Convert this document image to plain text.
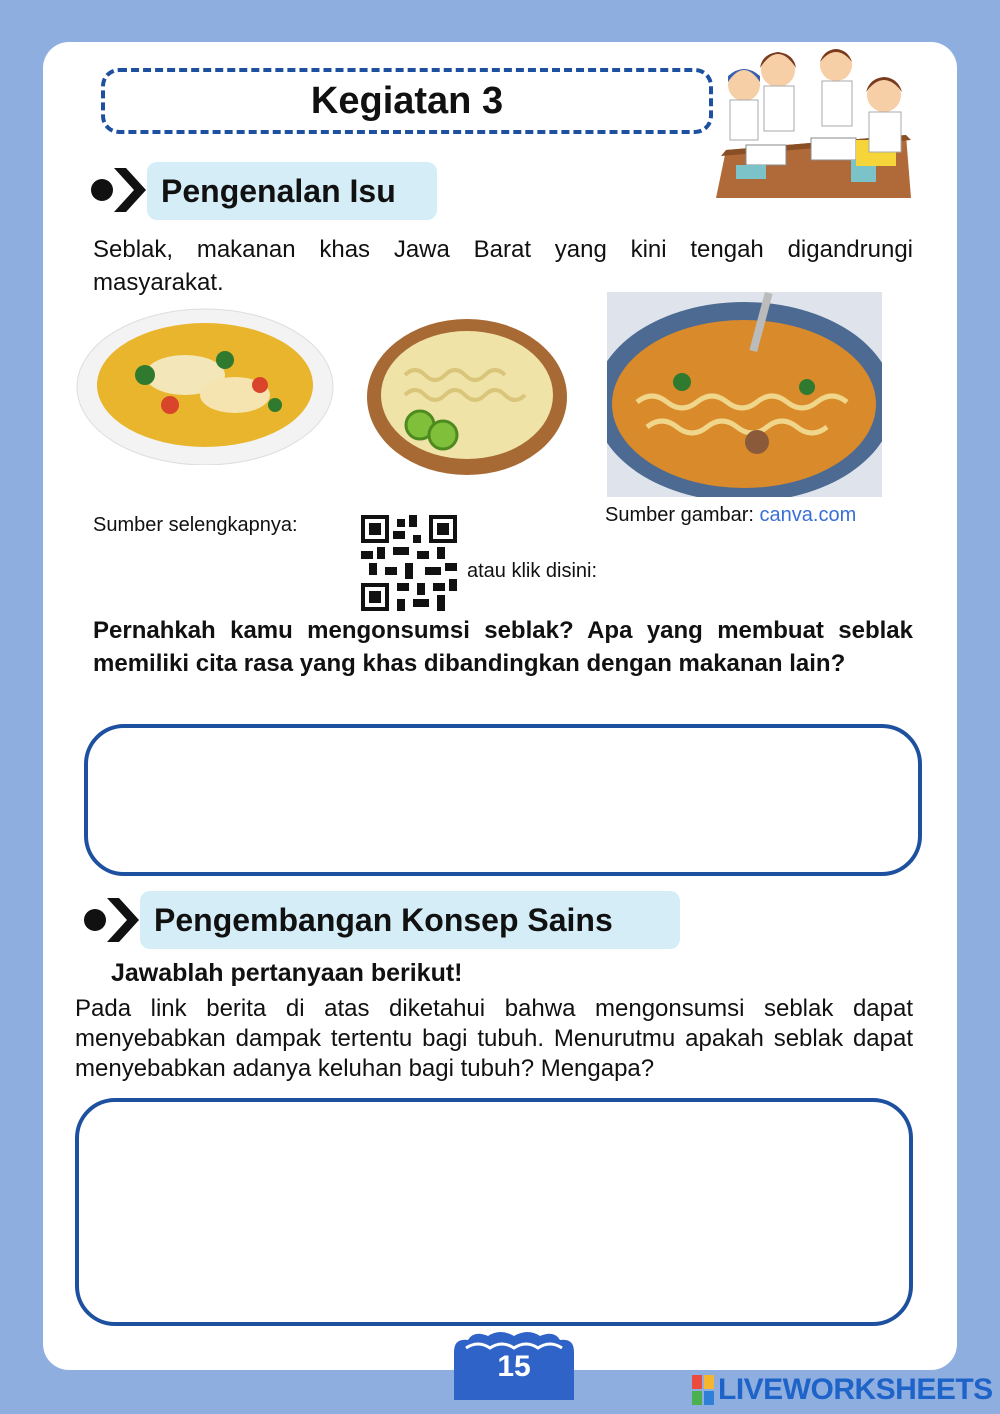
Kegiatan 3
Pengenalan Isu
Seblak, makanan khas Jawa Barat yang kini tengah digandrungi masyarakat.
Sumber selengkapnya:
atau klik disini:
Sumber gambar: canva.com
Pernahkah kamu mengonsumsi seblak? Apa yang membuat seblak memiliki cita rasa yang khas dibandingkan dengan makanan lain?
Pengembangan Konsep Sains
Jawablah pertanyaan berikut!
Pada link berita di atas diketahui bahwa mengonsumsi seblak dapat menyebabkan dampak tertentu bagi tubuh. Menurutmu apakah seblak dapat menyebabkan adanya keluhan bagi tubuh? Mengapa?
15
LIVEWORKSHEETS
